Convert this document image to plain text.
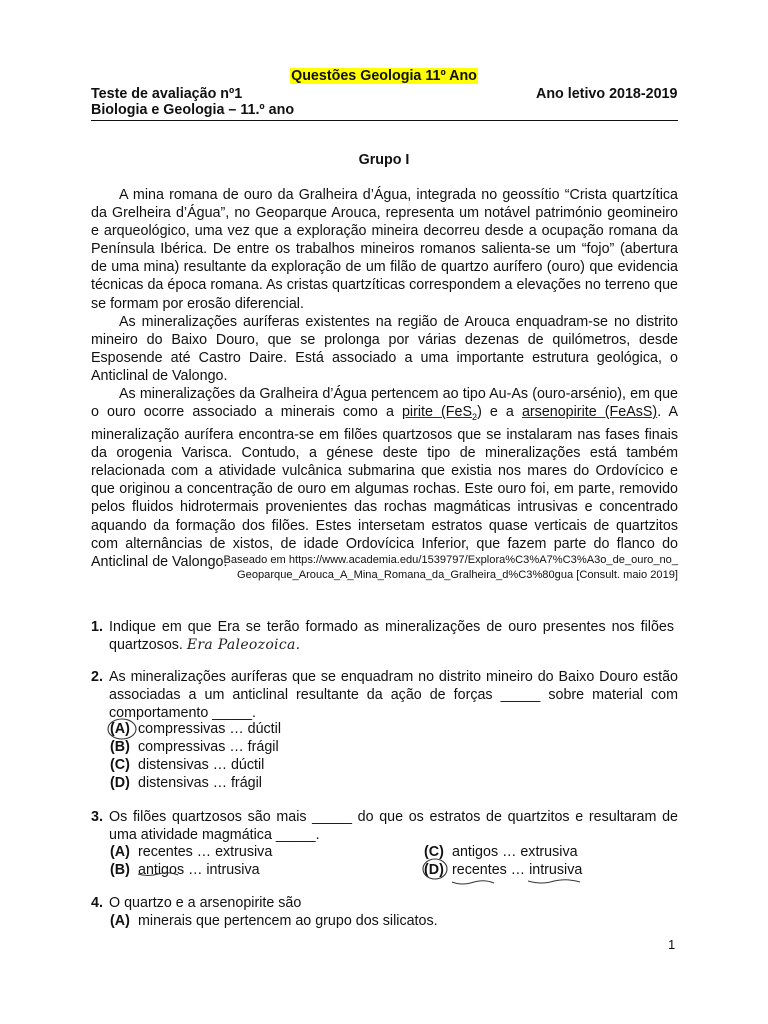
Questões Geologia 11º Ano
Teste de avaliação nº1	Ano letivo 2018-2019
Biologia e Geologia – 11.º ano
Grupo I

A mina romana de ouro da Gralheira d’Água, integrada no geossítio “Crista quartzítica da Grelheira d’Água”, no Geoparque Arouca, representa um notável património geomineiro e arqueológico, uma vez que a exploração mineira decorreu desde a ocupação romana da Península Ibérica. De entre os trabalhos mineiros romanos salienta-se um “fojo” (abertura de uma mina) resultante da exploração de um filão de quartzo aurífero (ouro) que evidencia técnicas da época romana. As cristas quartzíticas correspondem a elevações no terreno que se formam por erosão diferencial.

As mineralizações auríferas existentes na região de Arouca enquadram-se no distrito mineiro do Baixo Douro, que se prolonga por várias dezenas de quilómetros, desde Esposende até Castro Daire. Está associado a uma importante estrutura geológica, o Anticlinal de Valongo.

As mineralizações da Gralheira d’Água pertencem ao tipo Au-As (ouro-arsénio), em que o ouro ocorre associado a minerais como a pirite (FeS$_2$) e a arsenopirite (FeAsS). A mineralização aurífera encontra-se em filões quartzosos que se instalaram nas fases finais da orogenia Varisca. Contudo, a génese deste tipo de mineralizações está também relacionada com a atividade vulcânica submarina que existia nos mares do Ordovícico e que originou a concentração de ouro em algumas rochas. Este ouro foi, em parte, removido pelos fluidos hidrotermais provenientes das rochas magmáticas intrusivas e concentrado aquando da formação dos filões. Estes intersetam estratos quase verticais de quartzitos com alternâncias de xistos, de idade Ordovícica Inferior, que fazem parte do flanco do Anticlinal de Valongo.

Baseado em https://www.academia.edu/1539797/Explora%C3%A7%C3%A3o_de_ouro_no_
Geoparque_Arouca_A_Mina_Romana_da_Gralheira_d%C3%80gua [Consult. maio 2019]
1. Indique em que Era se terão formado as mineralizações de ouro presentes nos filões quartzosos. Era Paleozoica.
2. As mineralizações auríferas que se enquadram no distrito mineiro do Baixo Douro estão associadas a um anticlinal resultante da ação de forças _____ sobre material com comportamento _____.
(A) compressivas … dúctil
(B) compressivas … frágil
(C) distensivas … dúctil
(D) distensivas … frágil
3. Os filões quartzosos são mais _____ do que os estratos de quartzitos e resultaram de uma atividade magmática _____.
(A) recentes … extrusiva
(B) antigos … intrusiva
(C) antigos … extrusiva
(D) recentes … intrusiva
4. O quartzo e a arsenopirite são
(A) minerais que pertencem ao grupo dos silicatos.
1
